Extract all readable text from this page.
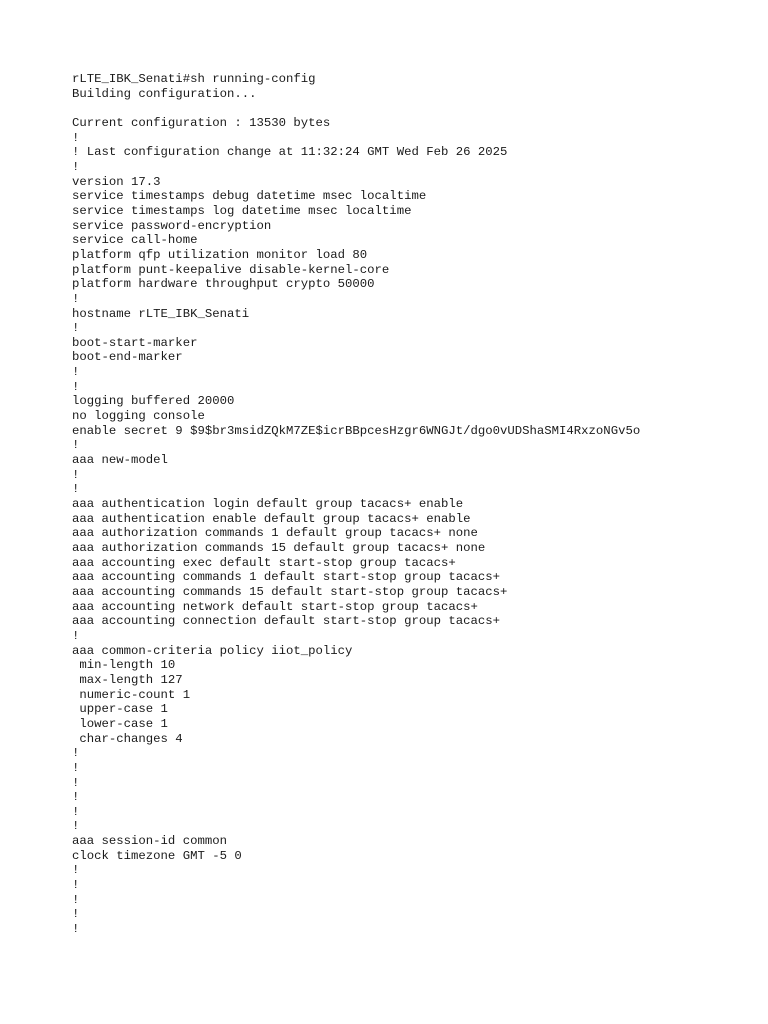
rLTE_IBK_Senati#sh running-config
Building configuration...
Current configuration : 13530 bytes
!
! Last configuration change at 11:32:24 GMT Wed Feb 26 2025
!
version 17.3
service timestamps debug datetime msec localtime
service timestamps log datetime msec localtime
service password-encryption
service call-home
platform qfp utilization monitor load 80
platform punt-keepalive disable-kernel-core
platform hardware throughput crypto 50000
!
hostname rLTE_IBK_Senati
!
boot-start-marker
boot-end-marker
!
!
logging buffered 20000
no logging console
enable secret 9 $9$br3msidZQkM7ZE$icrBBpcesHzgr6WNGJt/dgo0vUDShaSMI4RxzoNGv5o
!
aaa new-model
!
!
aaa authentication login default group tacacs+ enable
aaa authentication enable default group tacacs+ enable
aaa authorization commands 1 default group tacacs+ none
aaa authorization commands 15 default group tacacs+ none
aaa accounting exec default start-stop group tacacs+
aaa accounting commands 1 default start-stop group tacacs+
aaa accounting commands 15 default start-stop group tacacs+
aaa accounting network default start-stop group tacacs+
aaa accounting connection default start-stop group tacacs+
!
aaa common-criteria policy iiot_policy
min-length 10
max-length 127
numeric-count 1
upper-case 1
lower-case 1
char-changes 4
!
!
!
!
!
!
aaa session-id common
clock timezone GMT -5 0
!
!
!
!
!
